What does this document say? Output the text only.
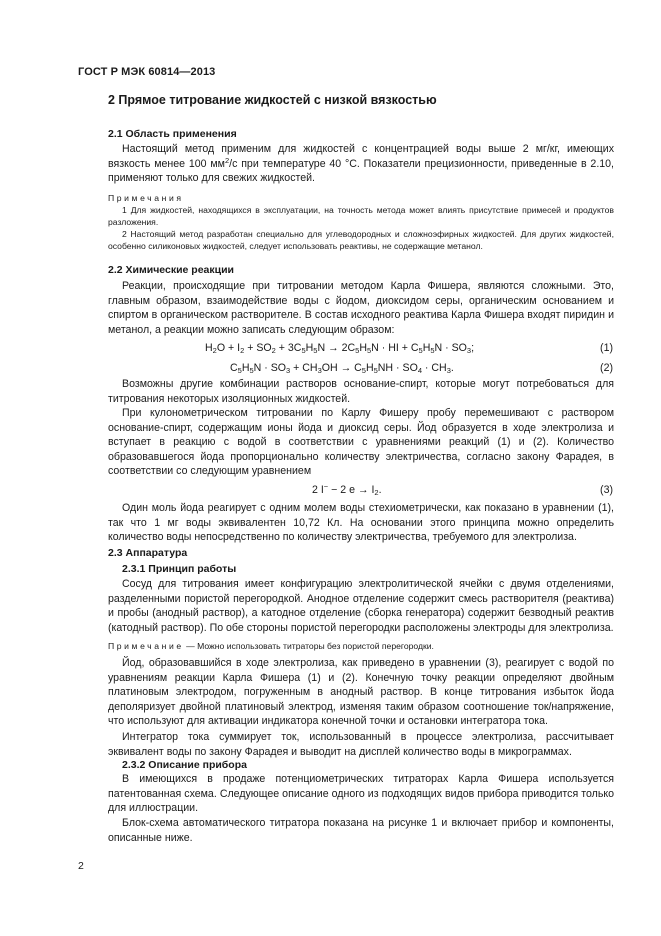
ГОСТ Р МЭК 60814—2013
2 Прямое титрование жидкостей с низкой вязкостью
2.1 Область применения
Настоящий метод применим для жидкостей с концентрацией воды выше 2 мг/кг, имеющих вязкость менее 100 $мм^2/с$ при температуре 40 °С. Показатели прецизионности, приведенные в 2.10, применяют только для свежих жидкостей.
Примечания
1 Для жидкостей, находящихся в эксплуатации, на точность метода может влиять присутствие примесей и продуктов разложения.
2 Настоящий метод разработан специально для углеводородных и сложноэфирных жидкостей. Для других жидкостей, особенно силиконовых жидкостей, следует использовать реактивы, не содержащие метанол.
2.2 Химические реакции
Реакции, происходящие при титровании методом Карла Фишера, являются сложными. Это, главным образом, взаимодействие воды с йодом, диоксидом серы, органическим основанием и спиртом в органическом растворителе. В состав исходного реактива Карла Фишера входят пиридин и метанол, а реакции можно записать следующим образом:
$H_2O + I_2 + SO_2 + 3C_5H_5N \to 2C_5H_5N$ · HI + $C_5H_5N \cdot SO_3$;	(1)
$C_5H_5N \cdot SO_3 + CH_3OH \to C_5H_5NH \cdot SO_4 \cdot CH_3$.	(2)
Возможны другие комбинации растворов основание-спирт, которые могут потребоваться для титрования некоторых изоляционных жидкостей.
При кулонометрическом титровании по Карлу Фишеру пробу перемешивают с раствором основание-спирт, содержащим ионы йода и диоксид серы. Йод образуется в ходе электролиза и вступает в реакцию с водой в соответствии с уравнениями реакций (1) и (2). Количество образовавшегося йода пропорционально количеству электричества, согласно закону Фарадея, в соответствии со следующим уравнением
2 I− − 2 $e \to I_2$.	(3)
Один моль йода реагирует с одним молем воды стехиометрически, как показано в уравнении (1), так что 1 мг воды эквивалентен 10,72 Кл. На основании этого принципа можно определить количество воды непосредственно по количеству электричества, требуемого для электролиза.
2.3 Аппаратура
2.3.1 Принцип работы
Сосуд для титрования имеет конфигурацию электролитической ячейки с двумя отделениями, разделенными пористой перегородкой. Анодное отделение содержит смесь растворителя (реактива) и пробы (анодный раствор), а катодное отделение (сборка генератора) содержит безводный реактив (катодный раствор). По обе стороны пористой перегородки расположены электроды для электролиза.
Примечание — Можно использовать титраторы без пористой перегородки.
Йод, образовавшийся в ходе электролиза, как приведено в уравнении (3), реагирует с водой по уравнениям реакции Карла Фишера (1) и (2). Конечную точку реакции определяют двойным платиновым электродом, погруженным в анодный раствор. В конце титрования избыток йода деполяризует двойной платиновый электрод, изменяя таким образом соотношение ток/напряжение, что используют для активации индикатора конечной точки и остановки интегратора тока.
Интегратор тока суммирует ток, использованный в процессе электролиза, рассчитывает эквивалент воды по закону Фарадея и выводит на дисплей количество воды в микрограммах.
2.3.2 Описание прибора
В имеющихся в продаже потенциометрических титраторах Карла Фишера используется патентованная схема. Следующее описание одного из подходящих видов прибора приводится только для иллюстрации.
Блок-схема автоматического титратора показана на рисунке 1 и включает прибор и компоненты, описанные ниже.
2
